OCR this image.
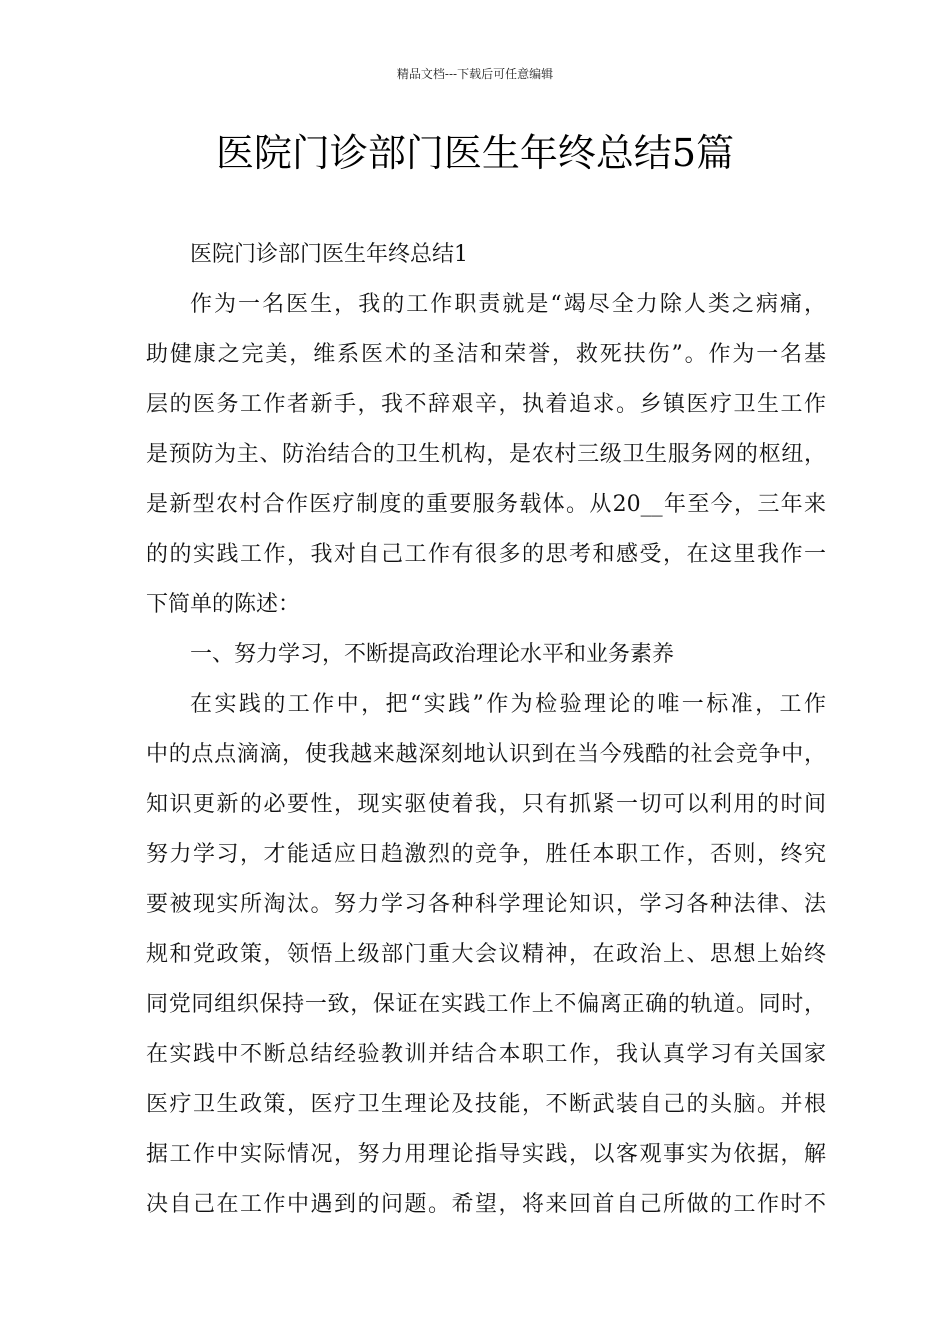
精品文档---下载后可任意编辑
医院门诊部门医生年终总结5篇
医院门诊部门医生年终总结1
作为一名医生，我的工作职责就是“竭尽全力除人类之病痛，
助健康之完美，维系医术的圣洁和荣誉，救死扶伤”。作为一名基
层的医务工作者新手，我不辞艰辛，执着追求。乡镇医疗卫生工作
是预防为主、防治结合的卫生机构，是农村三级卫生服务网的枢纽，
是新型农村合作医疗制度的重要服务载体。从20__年至今，三年来
的的实践工作，我对自己工作有很多的思考和感受，在这里我作一
下简单的陈述：
一、努力学习，不断提高政治理论水平和业务素养
在实践的工作中，把“实践”作为检验理论的唯一标准，工作
中的点点滴滴，使我越来越深刻地认识到在当今残酷的社会竞争中，
知识更新的必要性，现实驱使着我，只有抓紧一切可以利用的时间
努力学习，才能适应日趋激烈的竞争，胜任本职工作，否则，终究
要被现实所淘汰。努力学习各种科学理论知识，学习各种法律、法
规和党政策，领悟上级部门重大会议精神，在政治上、思想上始终
同党同组织保持一致，保证在实践工作上不偏离正确的轨道。同时，
在实践中不断总结经验教训并结合本职工作，我认真学习有关国家
医疗卫生政策，医疗卫生理论及技能，不断武装自己的头脑。并根
据工作中实际情况，努力用理论指导实践，以客观事实为依据，解
决自己在工作中遇到的问题。希望，将来回首自己所做的工作时不
